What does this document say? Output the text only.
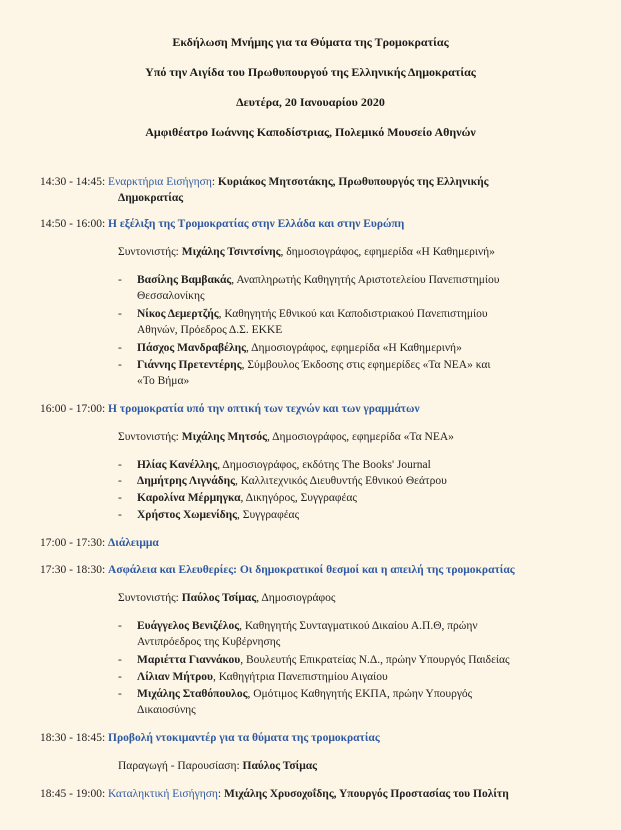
Εκδήλωση Μνήμης για τα Θύματα της Τρομοκρατίας
Υπό την Αιγίδα του Πρωθυπουργού της Ελληνικής Δημοκρατίας
Δευτέρα, 20 Ιανουαρίου 2020
Αμφιθέατρο Ιωάννης Καποδίστριας, Πολεμικό Μουσείο Αθηνών
14:30 - 14:45: Εναρκτήρια Εισήγηση: Κυριάκος Μητσοτάκης, Πρωθυπουργός της Ελληνικής
Δημοκρατίας
14:50 - 16:00: Η εξέλιξη της Τρομοκρατίας στην Ελλάδα και στην Ευρώπη
Συντονιστής: Μιχάλης Τσιντσίνης, δημοσιογράφος, εφημερίδα «Η Καθημερινή»
- Βασίλης Βαμβακάς, Αναπληρωτής Καθηγητής Αριστοτελείου Πανεπιστημίου
Θεσσαλονίκης
- Νίκος Δεμερτζής, Καθηγητής Εθνικού και Καποδιστριακού Πανεπιστημίου
Αθηνών, Πρόεδρος Δ.Σ. ΕΚΚΕ
- Πάσχος Μανδραβέλης, Δημοσιογράφος, εφημερίδα «Η Καθημερινή»
- Γιάννης Πρετεντέρης, Σύμβουλος Έκδοσης στις εφημερίδες «Τα ΝΕΑ» και
«Το Βήμα»
16:00 - 17:00: Η τρομοκρατία υπό την οπτική των τεχνών και των γραμμάτων
Συντονιστής: Μιχάλης Μητσός, Δημοσιογράφος, εφημερίδα «Τα ΝΕΑ»
- Ηλίας Κανέλλης, Δημοσιογράφος, εκδότης The Books' Journal
- Δημήτρης Λιγνάδης, Καλλιτεχνικός Διευθυντής Εθνικού Θεάτρου
- Καρολίνα Μέρμηγκα, Δικηγόρος, Συγγραφέας
- Χρήστος Χωμενίδης, Συγγραφέας
17:00 - 17:30: Διάλειμμα
17:30 - 18:30: Ασφάλεια και Ελευθερίες: Οι δημοκρατικοί θεσμοί και η απειλή της τρομοκρατίας
Συντονιστής: Παύλος Τσίμας, Δημοσιογράφος
- Ευάγγελος Βενιζέλος, Καθηγητής Συνταγματικού Δικαίου Α.Π.Θ, πρώην
Αντιπρόεδρος της Κυβέρνησης
- Μαριέττα Γιαννάκου, Βουλευτής Επικρατείας Ν.Δ., πρώην Υπουργός Παιδείας
- Λίλιαν Μήτρου, Καθηγήτρια Πανεπιστημίου Αιγαίου
- Μιχάλης Σταθόπουλος, Ομότιμος Καθηγητής ΕΚΠΑ, πρώην Υπουργός
Δικαιοσύνης
18:30 - 18:45: Προβολή ντοκιμαντέρ για τα θύματα της τρομοκρατίας
Παραγωγή - Παρουσίαση: Παύλος Τσίμας
18:45 - 19:00: Καταληκτική Εισήγηση: Μιχάλης Χρυσοχοΐδης, Υπουργός Προστασίας του Πολίτη
